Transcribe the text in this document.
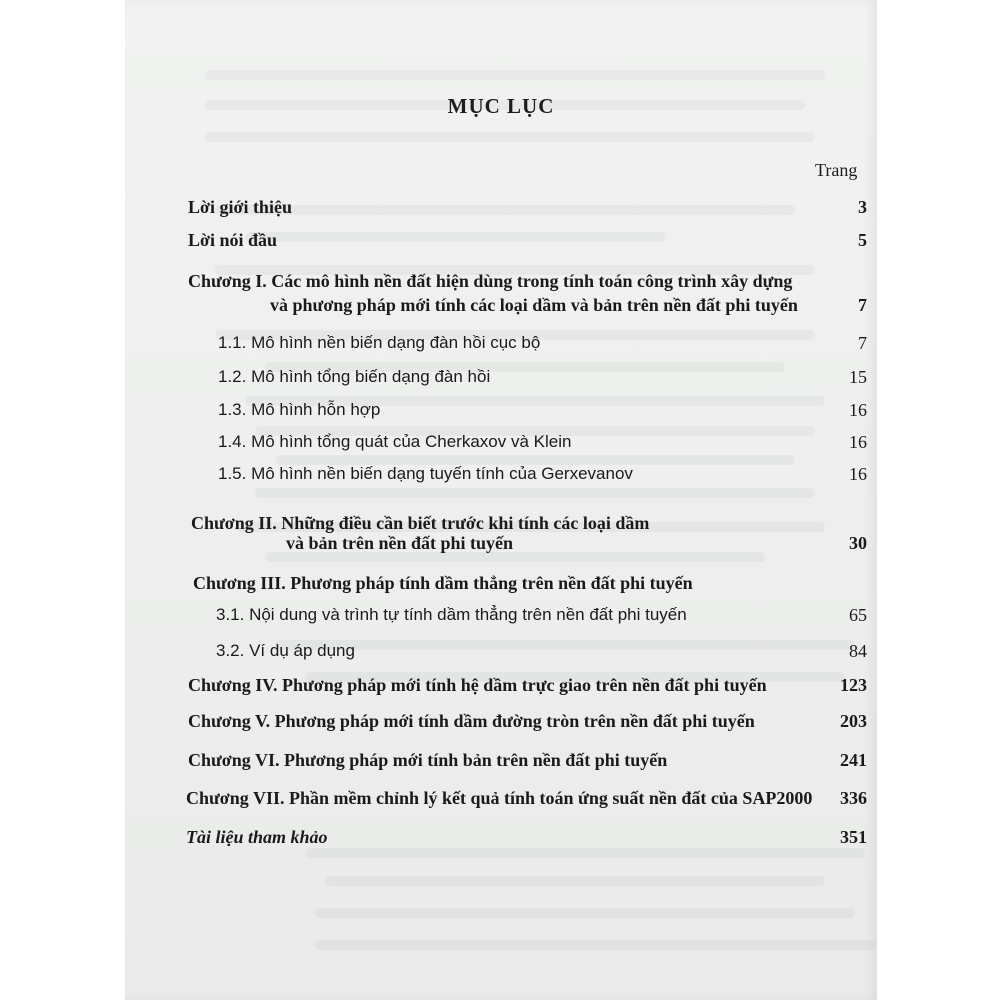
MỤC LỤC
Trang
Lời giới thiệu	3
Lời nói đầu	5
Chương I. Các mô hình nền đất hiện dùng trong tính toán công trình xây dựng
và phương pháp mới tính các loại dầm và bản trên nền đất phi tuyến	7
1.1. Mô hình nền biến dạng đàn hồi cục bộ	7
1.2. Mô hình tổng biến dạng đàn hồi	15
1.3. Mô hình hỗn hợp	16
1.4. Mô hình tổng quát của Cherkaxov và Klein	16
1.5. Mô hình nền biến dạng tuyến tính của Gerxevanov	16
Chương II. Những điều cần biết trước khi tính các loại dầm
và bản trên nền đất phi tuyến	30
Chương III. Phương pháp tính dầm thẳng trên nền đất phi tuyến
3.1. Nội dung và trình tự tính dầm thẳng trên nền đất phi tuyến	65
3.2. Ví dụ áp dụng	84
Chương IV. Phương pháp mới tính hệ dầm trực giao trên nền đất phi tuyến	123
Chương V. Phương pháp mới tính dầm đường tròn trên nền đất phi tuyến	203
Chương VI. Phương pháp mới tính bản trên nền đất phi tuyến	241
Chương VII. Phần mềm chỉnh lý kết quả tính toán ứng suất nền đất của SAP2000 336
Tài liệu tham khảo	351
